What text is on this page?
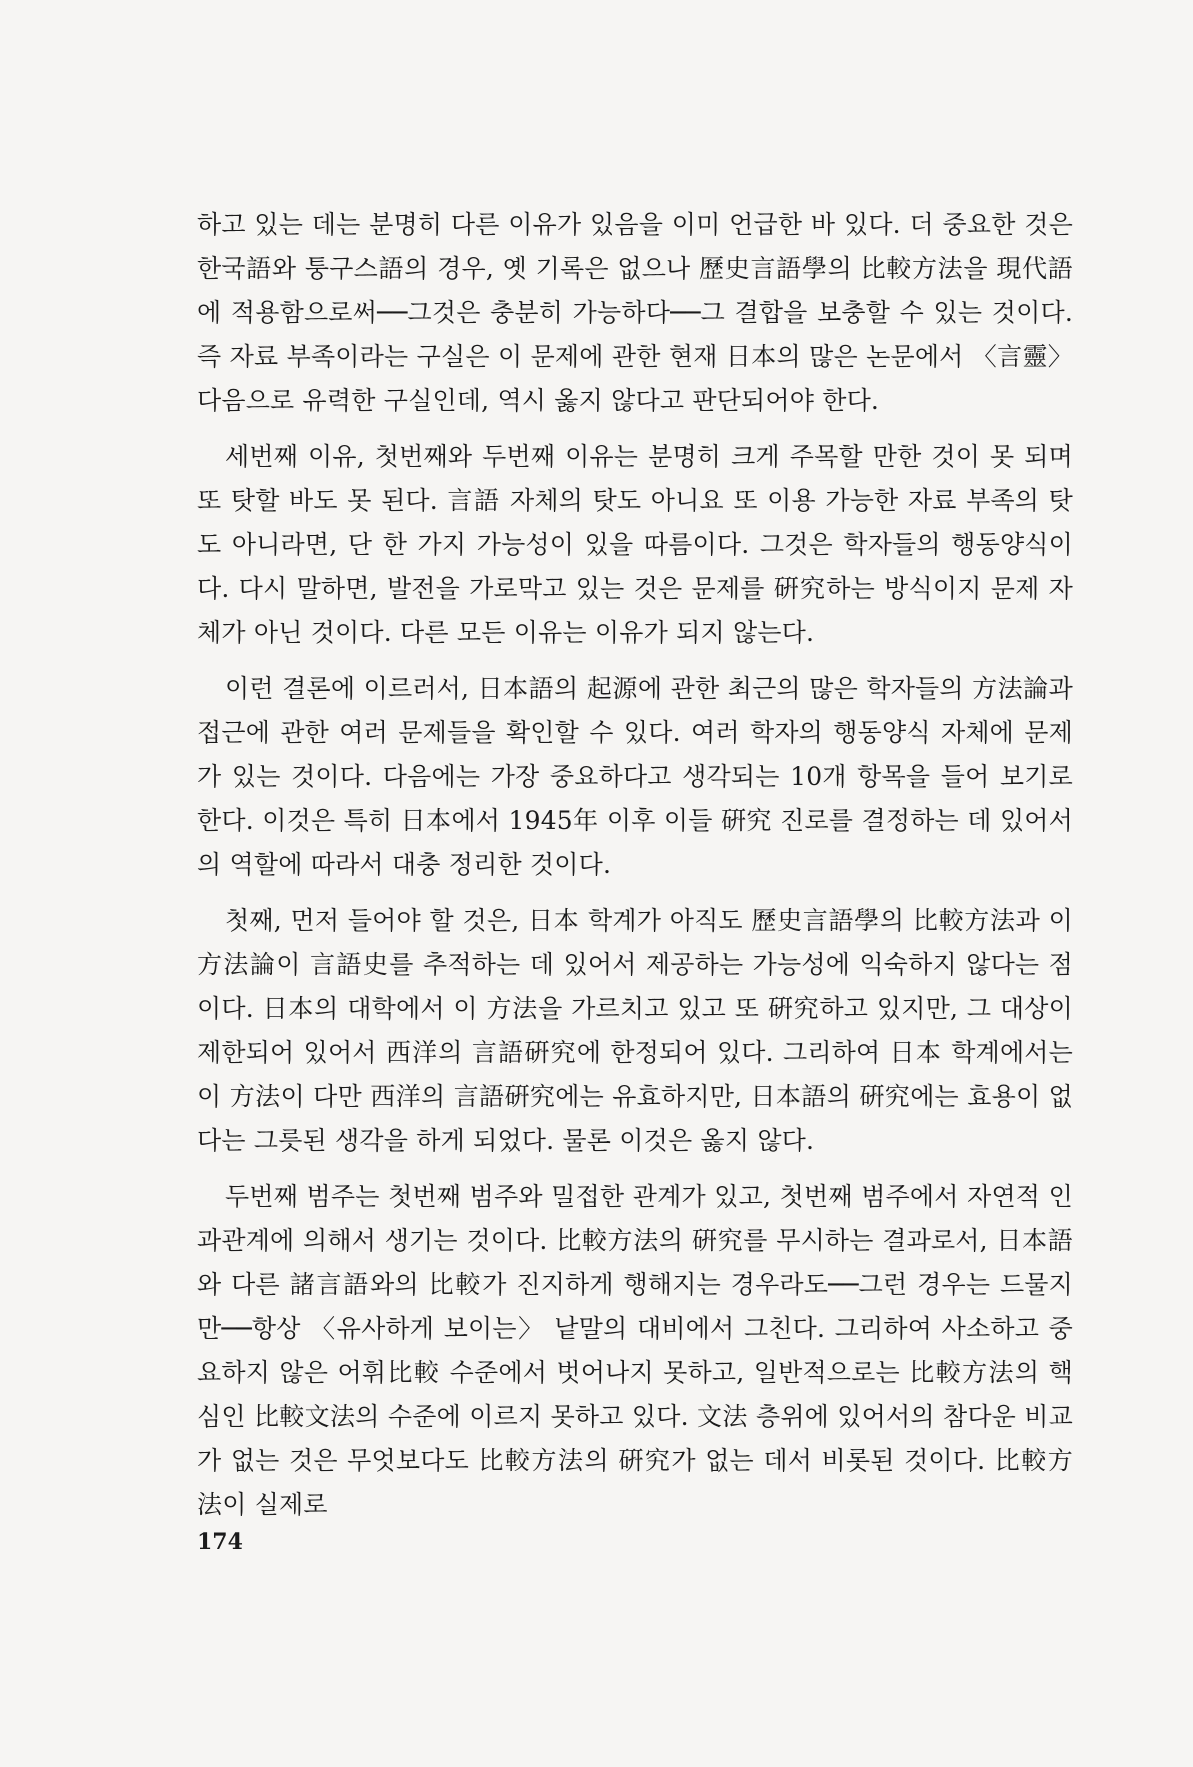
하고 있는 데는 분명히 다른 이유가 있음을 이미 언급한 바 있다. 더 중요한 것은 한국語와 퉁구스語의 경우, 옛 기록은 없으나 歷史言語學의 比較方法을 現代語에 적용함으로써──그것은 충분히 가능하다──그 결합을 보충할 수 있는 것이다. 즉 자료 부족이라는 구실은 이 문제에 관한 현재 日本의 많은 논문에서 〈言靈〉 다음으로 유력한 구실인데, 역시 옳지 않다고 판단되어야 한다.

세번째 이유, 첫번째와 두번째 이유는 분명히 크게 주목할 만한 것이 못 되며 또 탓할 바도 못 된다. 言語 자체의 탓도 아니요 또 이용 가능한 자료 부족의 탓도 아니라면, 단 한 가지 가능성이 있을 따름이다. 그것은 학자들의 행동양식이다. 다시 말하면, 발전을 가로막고 있는 것은 문제를 硏究하는 방식이지 문제 자체가 아닌 것이다. 다른 모든 이유는 이유가 되지 않는다.

이런 결론에 이르러서, 日本語의 起源에 관한 최근의 많은 학자들의 方法論과 접근에 관한 여러 문제들을 확인할 수 있다. 여러 학자의 행동양식 자체에 문제가 있는 것이다. 다음에는 가장 중요하다고 생각되는 10개 항목을 들어 보기로 한다. 이것은 특히 日本에서 1945年 이후 이들 硏究 진로를 결정하는 데 있어서의 역할에 따라서 대충 정리한 것이다.

첫째, 먼저 들어야 할 것은, 日本 학계가 아직도 歷史言語學의 比較方法과 이 方法論이 言語史를 추적하는 데 있어서 제공하는 가능성에 익숙하지 않다는 점이다. 日本의 대학에서 이 方法을 가르치고 있고 또 硏究하고 있지만, 그 대상이 제한되어 있어서 西洋의 言語硏究에 한정되어 있다. 그리하여 日本 학계에서는 이 方法이 다만 西洋의 言語硏究에는 유효하지만, 日本語의 硏究에는 효용이 없다는 그릇된 생각을 하게 되었다. 물론 이것은 옳지 않다.

두번째 범주는 첫번째 범주와 밀접한 관계가 있고, 첫번째 범주에서 자연적 인과관계에 의해서 생기는 것이다. 比較方法의 硏究를 무시하는 결과로서, 日本語와 다른 諸言語와의 比較가 진지하게 행해지는 경우라도──그런 경우는 드물지만──항상 〈유사하게 보이는〉 낱말의 대비에서 그친다. 그리하여 사소하고 중요하지 않은 어휘比較 수준에서 벗어나지 못하고, 일반적으로는 比較方法의 핵심인 比較文法의 수준에 이르지 못하고 있다. 文法 층위에 있어서의 참다운 비교가 없는 것은 무엇보다도 比較方法의 硏究가 없는 데서 비롯된 것이다. 比較方法이 실제로

174
